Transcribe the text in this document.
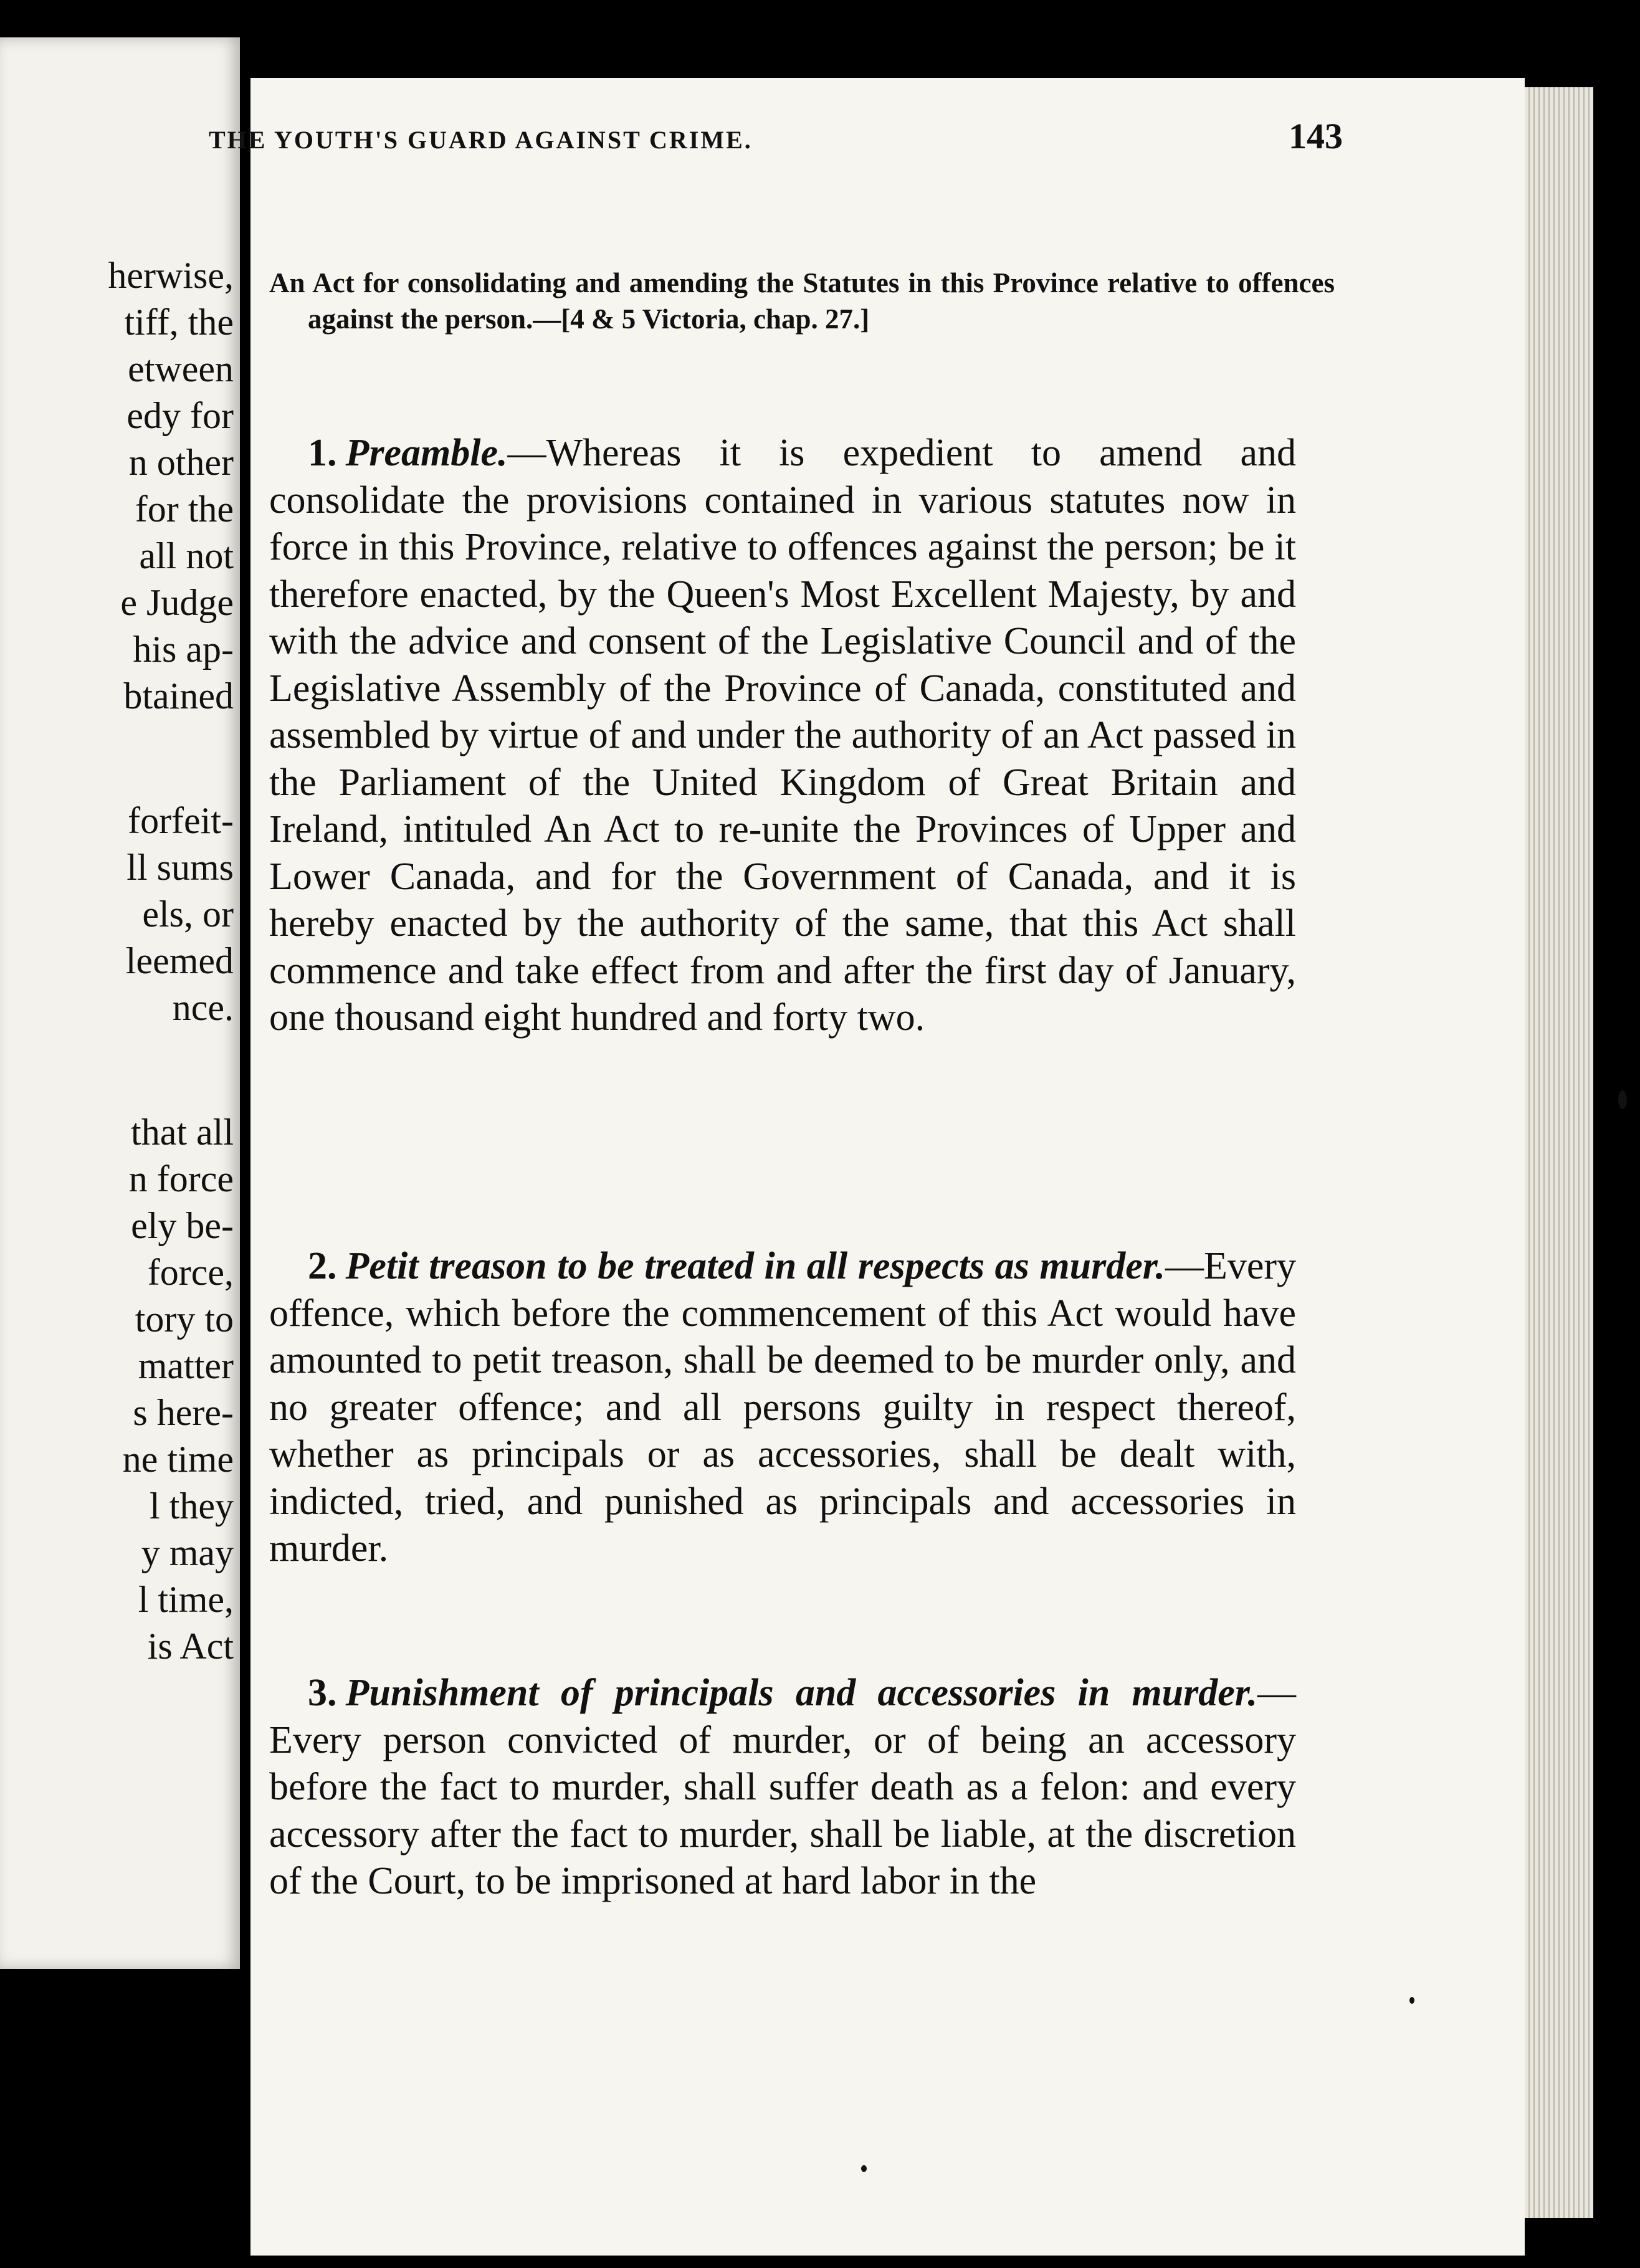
herwise,
tiff, the
etween
edy for
n other
for the
all not
e Judge
his ap-
btained
forfeit-
ll sums
els, or
leemed
nce.
that all
n force
ely be-
force,
tory to
matter
s here-
ne time
l they
y may
l time,
is Act
THE YOUTH'S GUARD AGAINST CRIME.	143
An Act for consolidating and amending the Statutes in this Province relative to offences against the person.—[4 & 5 Victoria, chap. 27.]
1. Preamble.—Whereas it is expedient to amend and consolidate the provisions contained in various statutes now in force in this Province, relative to offences against the person; be it therefore enacted, by the Queen's Most Excellent Majesty, by and with the advice and consent of the Legislative Council and of the Legislative Assembly of the Province of Canada, constituted and assembled by virtue of and under the authority of an Act passed in the Parliament of the United Kingdom of Great Britain and Ireland, intituled An Act to re-unite the Provinces of Upper and Lower Canada, and for the Government of Canada, and it is hereby enacted by the authority of the same, that this Act shall commence and take effect from and after the first day of January, one thousand eight hundred and forty two.
2. Petit treason to be treated in all respects as murder.—Every offence, which before the commencement of this Act would have amounted to petit treason, shall be deemed to be murder only, and no greater offence; and all persons guilty in respect thereof, whether as principals or as accessories, shall be dealt with, indicted, tried, and punished as principals and accessories in murder.
3. Punishment of principals and accessories in murder.—Every person convicted of murder, or of being an accessory before the fact to murder, shall suffer death as a felon: and every accessory after the fact to murder, shall be liable, at the discretion of the Court, to be imprisoned at hard labor in the
